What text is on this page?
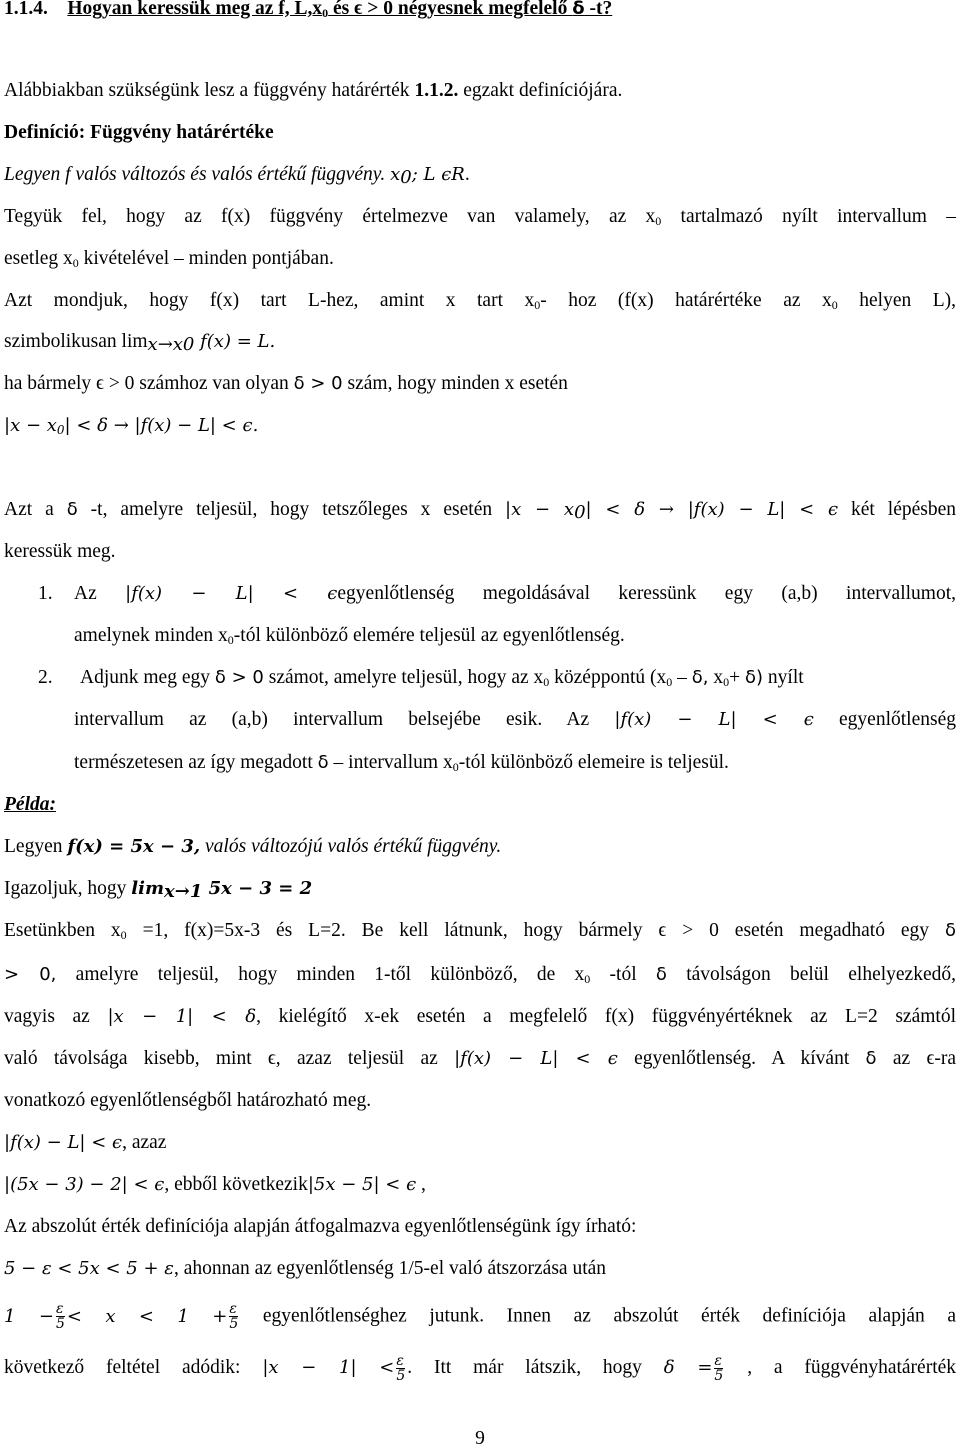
1.1.4. Hogyan keressük meg az f, $L,x_0$ és ϵ > 0 négyesnek megfelelő δ -t?
Alábbiakban szükségünk lesz a függvény határérték 1.1.2. egzakt definíciójára.
Definíció: Függvény határértéke
Legyen f valós változós és valós értékű függvény. $x_0$; L ϵR.
Tegyük fel, hogy az f(x) függvény értelmezve van valamely, az $x_0$ tartalmazó nyílt intervallum –
esetleg $x_0$ kivételével – minden pontjában.
Azt mondjuk, hogy f(x) tart L-hez, amint x tart $x_0-$ hoz (f(x) határértéke az $x_0$ helyen L),
szimbolikusan $\lim_{x\to x0} f(x) = L$.
ha bármely ϵ > 0 számhoz van olyan δ > 0 szám, hogy minden x esetén
$|x - x_0| < \delta \to |f(x) - L| < \epsilon$.
Azt a δ -t, amelyre teljesül, hogy tetszőleges x esetén $|x - x_0| < \delta \to |f(x) - L| < \epsilon$ két lépésben
keressük meg.
1.	Az |f(x) − L| < ϵegyenlőtlenség megoldásával keressünk egy (a,b) intervallumot,
amelynek minden $x_0$-tól különböző elemére teljesül az egyenlőtlenség.
2.	Adjunk meg egy δ > 0 számot, amelyre teljesül, hogy az $x_0$ középpontú ($x_0$ – δ, $x_0+ \delta$) nyílt
intervallum az (a,b) intervallum belsejébe esik. Az |f(x) − L| < ϵ egyenlőtlenség
természetesen az így megadott δ – intervallum $x_0$-tól különböző elemeire is teljesül.
Példa:
Legyen f(x) = 5x − 3, valós változójú valós értékű függvény.
Igazoljuk, hogy $\lim_{x\to 1} 5x - 3 = 2$
Esetünkben $x_0 =1$, f(x)=5x-3 és L=2. Be kell látnunk, hogy bármely ϵ > 0 esetén megadható egy δ
> 0, amelyre teljesül, hogy minden 1-től különböző, de $x_0$ -tól δ távolságon belül elhelyezkedő,
vagyis az |x − 1| < δ, kielégítő x-ek esetén a megfelelő f(x) függvényértéknek az L=2 számtól
való távolsága kisebb, mint ϵ, azaz teljesül az |f(x) − L| < ϵ egyenlőtlenség. A kívánt δ az ϵ-ra
vonatkozó egyenlőtlenségből határozható meg.
|f(x) − L| < ϵ, azaz
|(5x − 3) − 2| < ϵ, ebből következik|5x − 5| < ϵ ,
Az abszolút érték definíciója alapján átfogalmazva egyenlőtlenségünk így írható:
5 − ε < 5x < 5 + ε, ahonnan az egyenlőtlenség 1/5-el való átszorzása után
$1 - \frac{\varepsilon}{5} < x < 1 + \frac{\varepsilon}{5}$ egyenlőtlenséghez jutunk. Innen az abszolút érték definíciója alapján a
következő feltétel adódik: $|x - 1| < \frac{\varepsilon}{5}$ . Itt már látszik, hogy $\delta = \frac{\varepsilon}{5}$ , a függvényhatárérték
9
